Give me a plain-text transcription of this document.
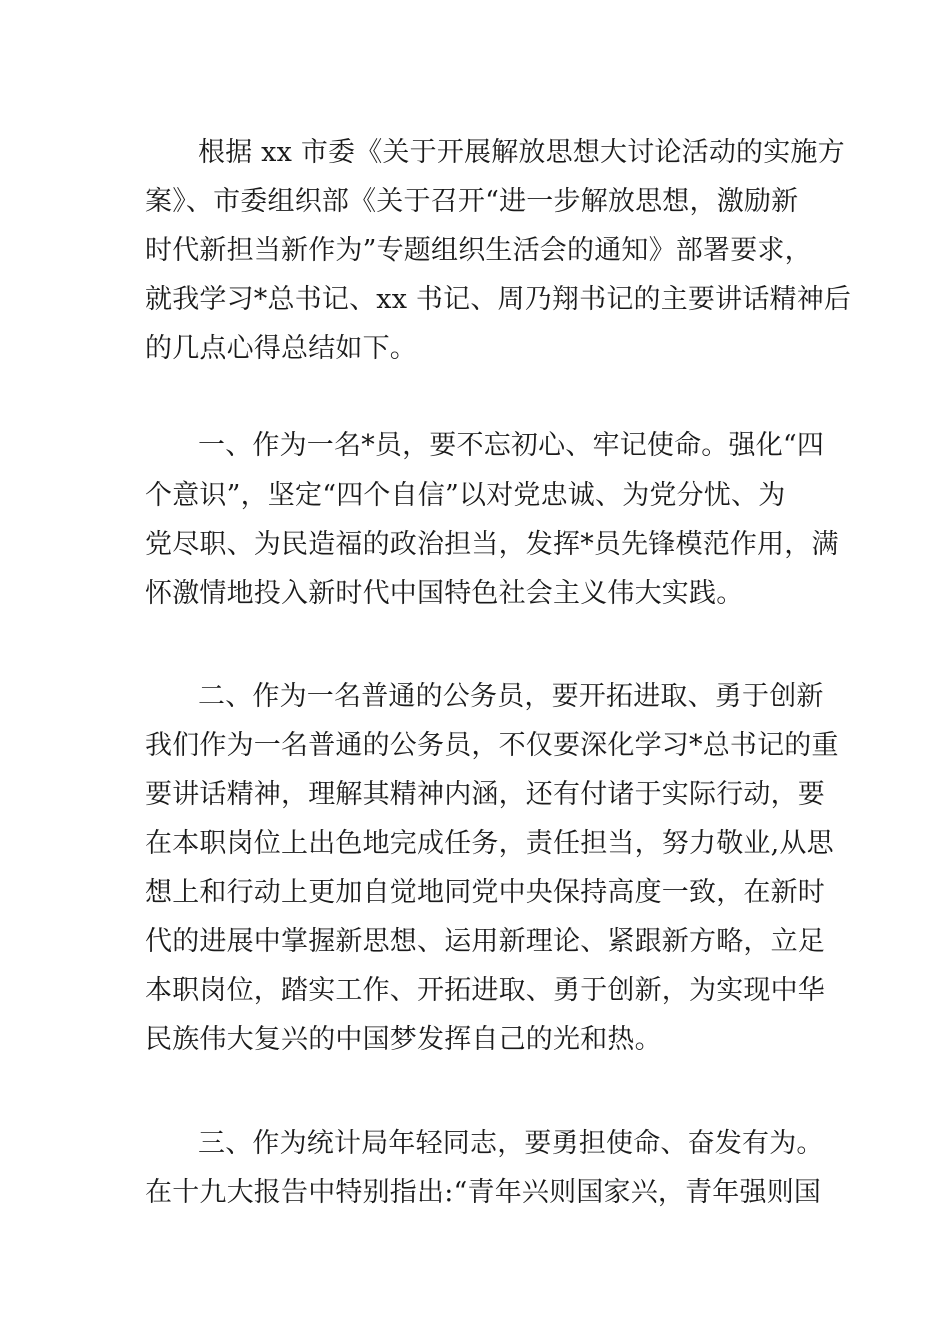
根据 xx 市委《关于开展解放思想大讨论活动的实施方
案》、市委组织部《关于召开“进一步解放思想，激励新
时代新担当新作为”专题组织生活会的通知》部署要求，
就我学习*总书记、xx 书记、周乃翔书记的主要讲话精神后
的几点心得总结如下。
一、作为一名*员，要不忘初心、牢记使命。强化“四
个意识”，坚定“四个自信”以对党忠诚、为党分忧、为
党尽职、为民造福的政治担当，发挥*员先锋模范作用，满
怀激情地投入新时代中国特色社会主义伟大实践。
二、作为一名普通的公务员，要开拓进取、勇于创新
我们作为一名普通的公务员，不仅要深化学习*总书记的重
要讲话精神，理解其精神内涵，还有付诸于实际行动，要
在本职岗位上出色地完成任务，责任担当，努力敬业,从思
想上和行动上更加自觉地同党中央保持高度一致，在新时
代的进展中掌握新思想、运用新理论、紧跟新方略，立足
本职岗位，踏实工作、开拓进取、勇于创新，为实现中华
民族伟大复兴的中国梦发挥自己的光和热。
三、作为统计局年轻同志，要勇担使命、奋发有为。
在十九大报告中特别指出:“青年兴则国家兴，青年强则国
